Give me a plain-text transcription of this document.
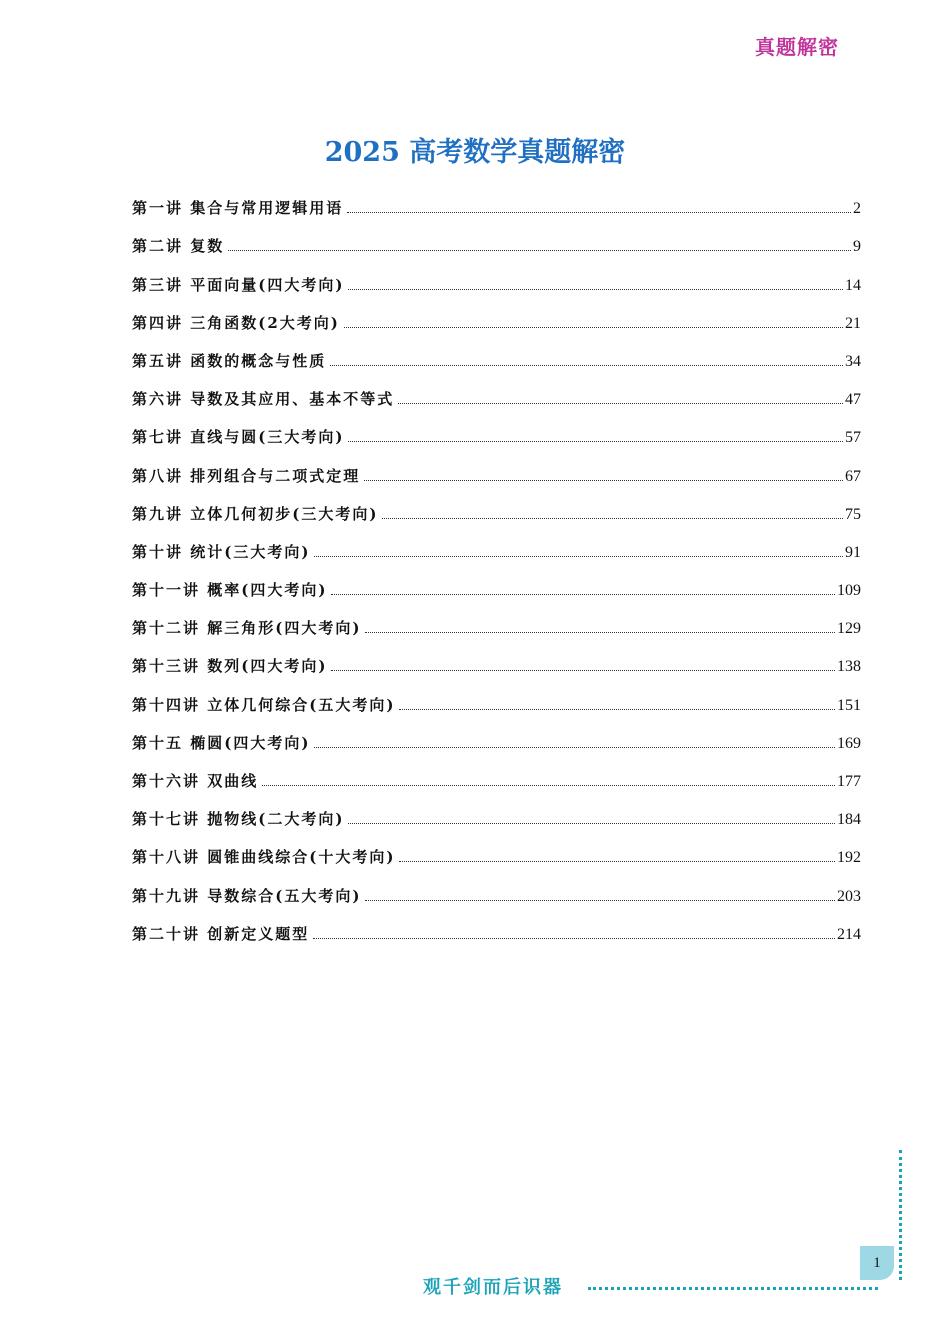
真题解密
2025 高考数学真题解密
第一讲 集合与常用逻辑用语	2
第二讲 复数	9
第三讲 平面向量(四大考向)	14
第四讲 三角函数(2大考向)	21
第五讲 函数的概念与性质	34
第六讲 导数及其应用、基本不等式	47
第七讲 直线与圆(三大考向)	57
第八讲 排列组合与二项式定理	67
第九讲 立体几何初步(三大考向)	75
第十讲 统计(三大考向)	91
第十一讲 概率(四大考向)	109
第十二讲 解三角形(四大考向)	129
第十三讲 数列(四大考向)	138
第十四讲 立体几何综合(五大考向)	151
第十五 椭圆(四大考向)	169
第十六讲 双曲线	177
第十七讲 抛物线(二大考向)	184
第十八讲 圆锥曲线综合(十大考向)	192
第十九讲 导数综合(五大考向)	203
第二十讲 创新定义题型	214
观千剑而后识器
1
